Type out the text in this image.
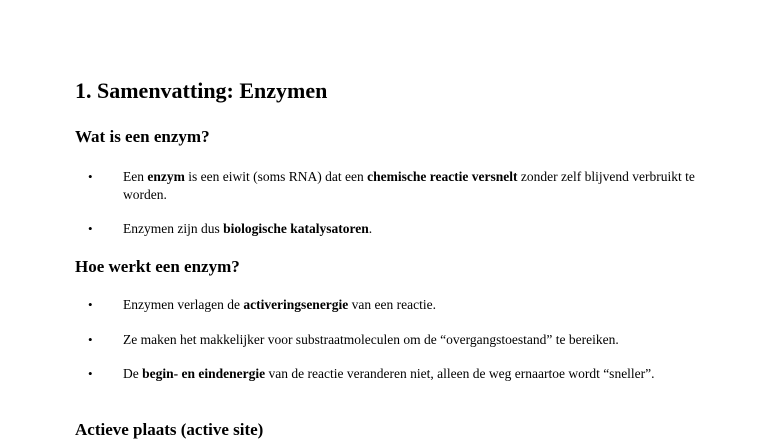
1. Samenvatting: Enzymen
Wat is een enzym?
•	Een enzym is een eiwit (soms RNA) dat een chemische reactie versnelt zonder zelf blijvend verbruikt te worden.
•	Enzymen zijn dus biologische katalysatoren.
Hoe werkt een enzym?
•	Enzymen verlagen de activeringsenergie van een reactie.
•	Ze maken het makkelijker voor substraatmoleculen om de “overgangstoestand” te bereiken.
•	De begin- en eindenergie van de reactie veranderen niet, alleen de weg ernaartoe wordt “sneller”.
Actieve plaats (active site)
